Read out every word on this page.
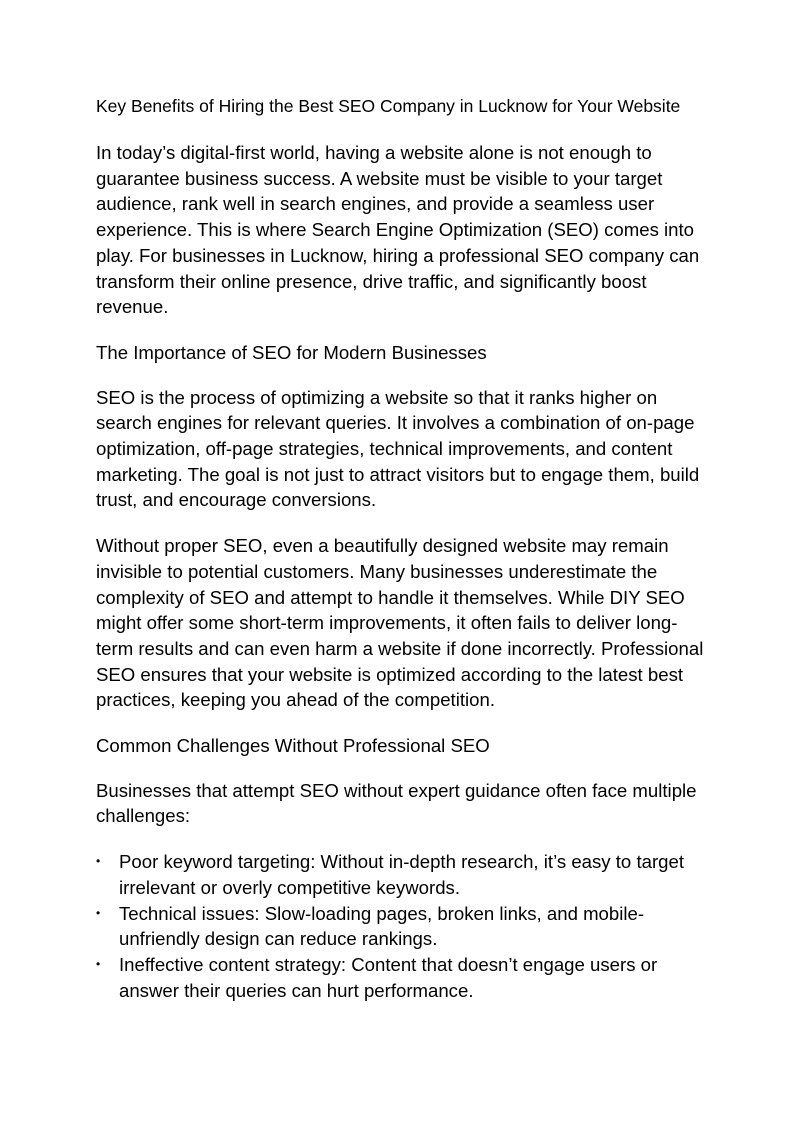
Key Benefits of Hiring the Best SEO Company in Lucknow for Your Website

In today’s digital-first world, having a website alone is not enough to guarantee business success. A website must be visible to your target audience, rank well in search engines, and provide a seamless user experience. This is where Search Engine Optimization (SEO) comes into play. For businesses in Lucknow, hiring a professional SEO company can transform their online presence, drive traffic, and significantly boost revenue.

The Importance of SEO for Modern Businesses

SEO is the process of optimizing a website so that it ranks higher on search engines for relevant queries. It involves a combination of on-page optimization, off-page strategies, technical improvements, and content marketing. The goal is not just to attract visitors but to engage them, build trust, and encourage conversions.

Without proper SEO, even a beautifully designed website may remain invisible to potential customers. Many businesses underestimate the complexity of SEO and attempt to handle it themselves. While DIY SEO might offer some short-term improvements, it often fails to deliver long-term results and can even harm a website if done incorrectly. Professional SEO ensures that your website is optimized according to the latest best practices, keeping you ahead of the competition.

Common Challenges Without Professional SEO

Businesses that attempt SEO without expert guidance often face multiple challenges:

• Poor keyword targeting: Without in-depth research, it’s easy to target irrelevant or overly competitive keywords.
• Technical issues: Slow-loading pages, broken links, and mobile-unfriendly design can reduce rankings.
• Ineffective content strategy: Content that doesn’t engage users or answer their queries can hurt performance.
